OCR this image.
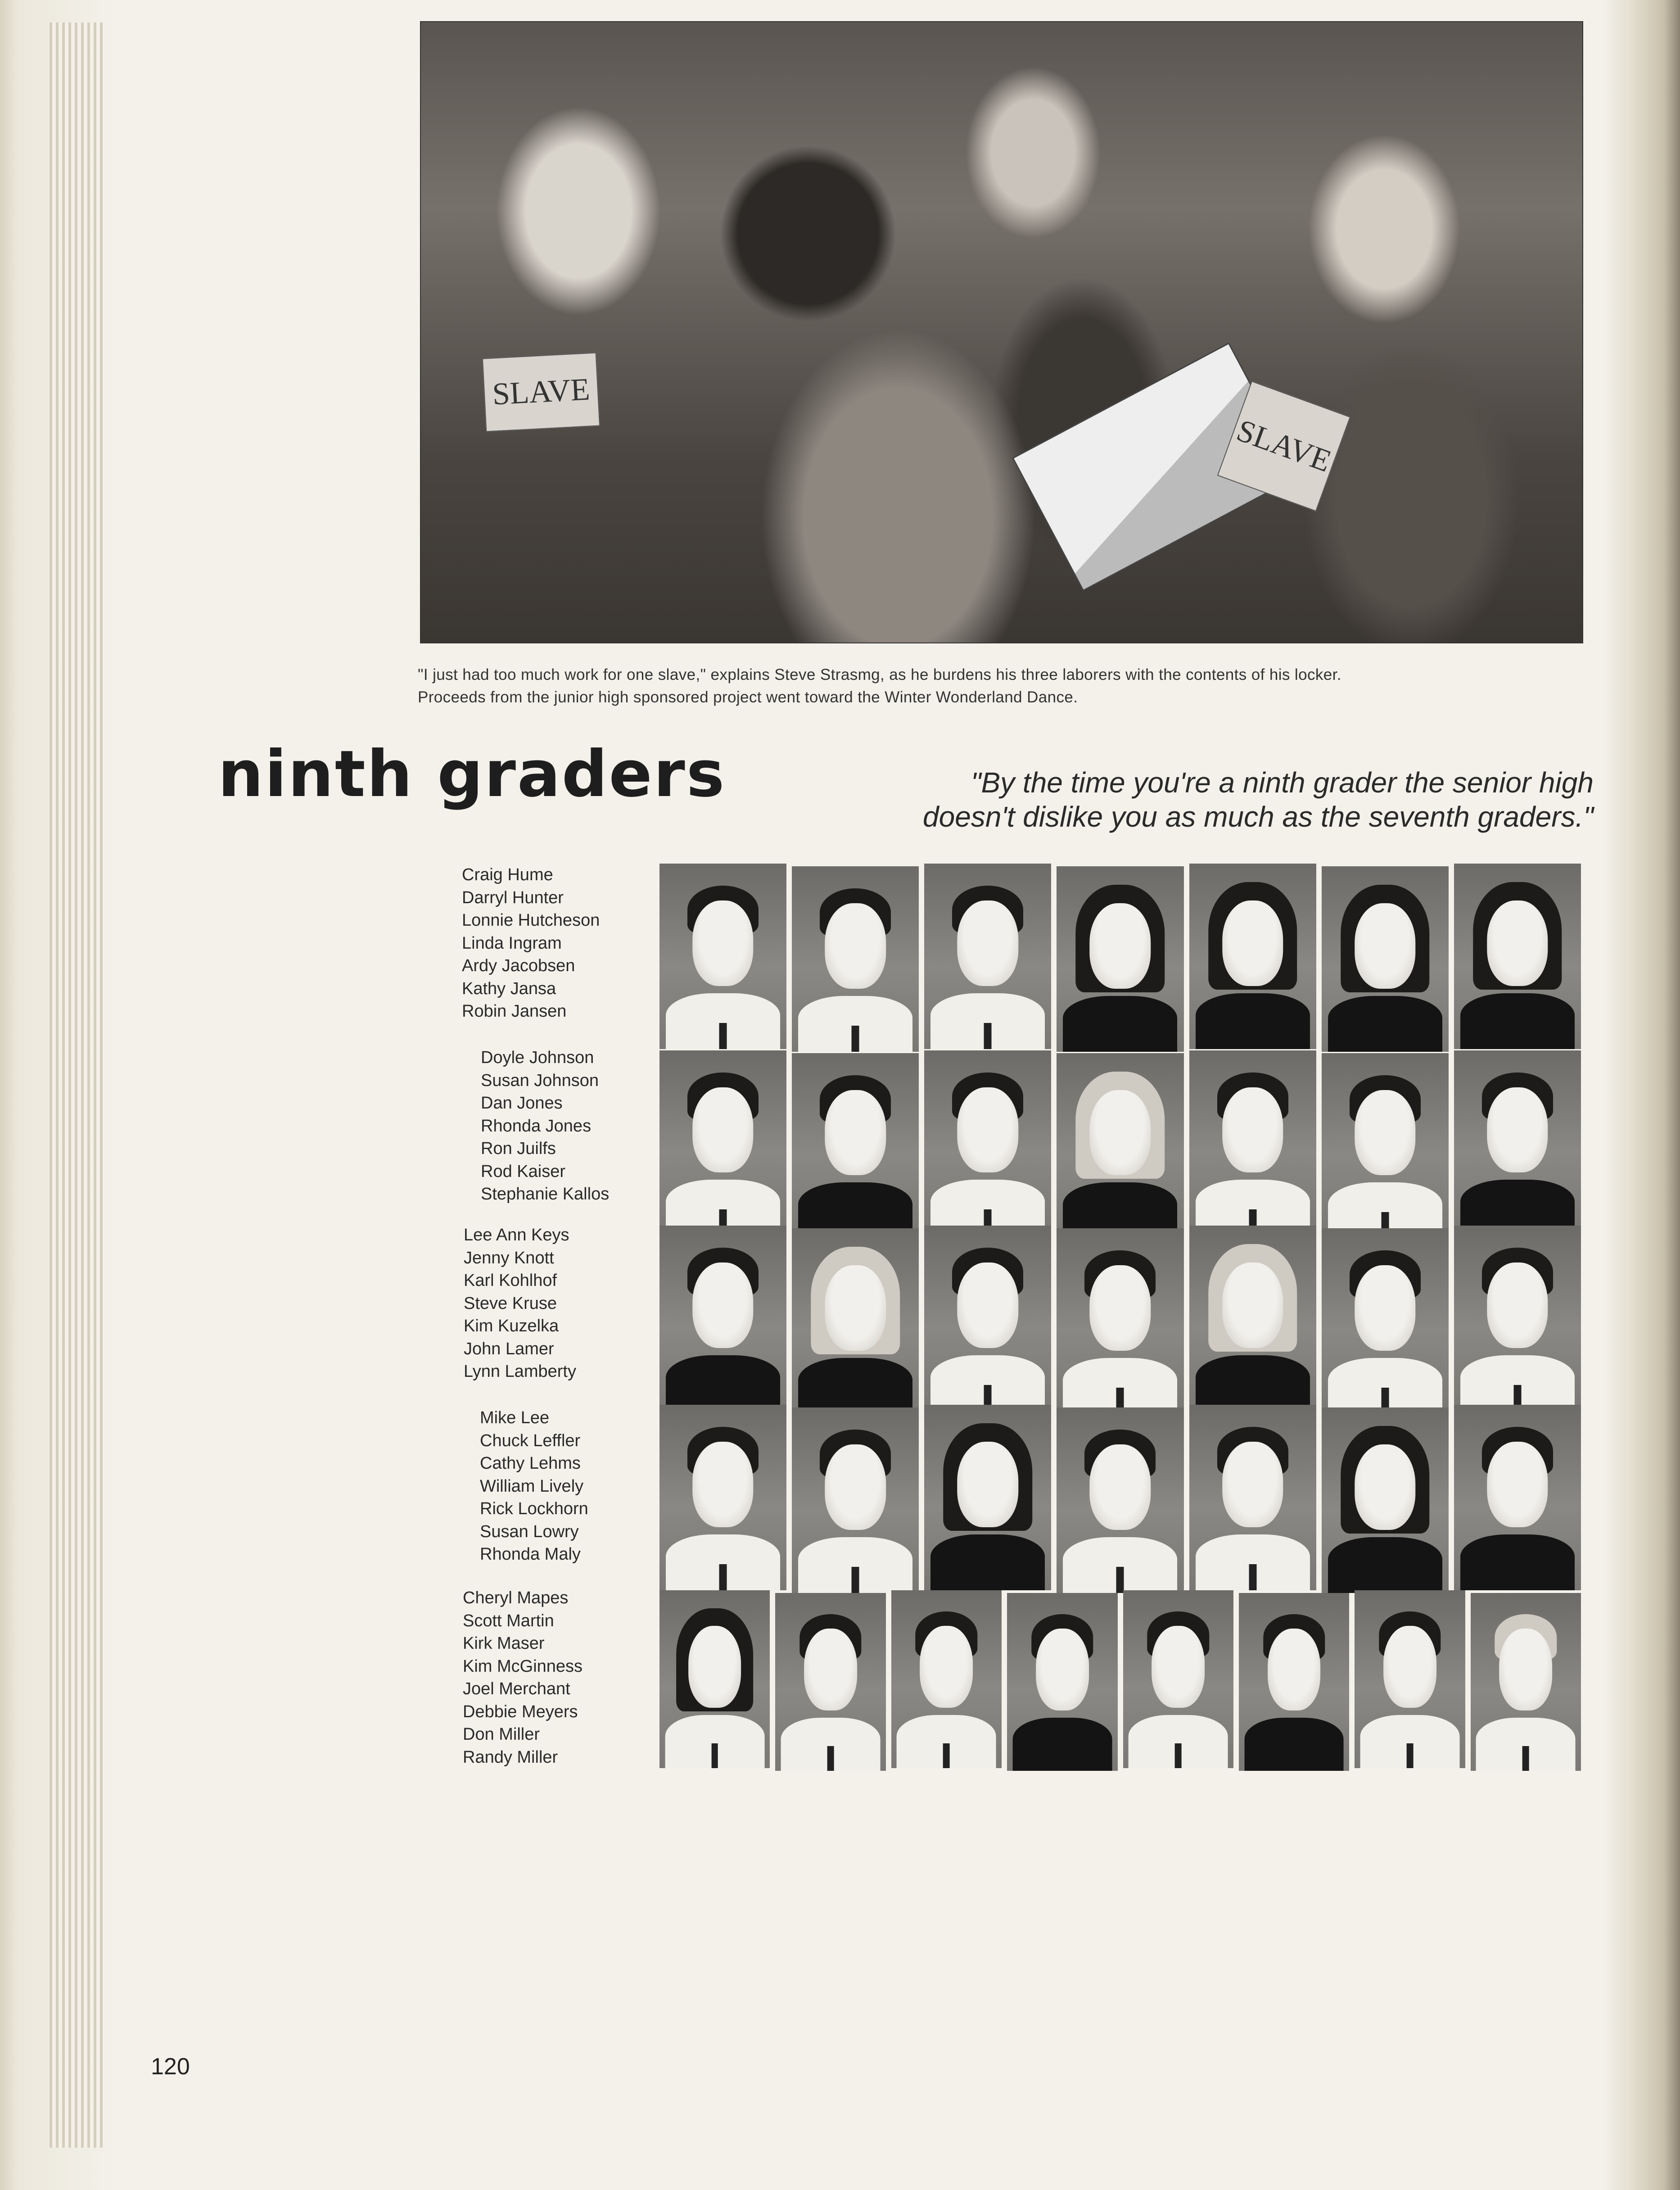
SLAVE
SLAVE
"I just had too much work for one slave," explains Steve Strasmg, as he burdens his three laborers with the contents of his locker.
Proceeds from the junior high sponsored project went toward the Winter Wonderland Dance.
ninth graders	"By the time you're a ninth grader the senior high
doesn't dislike you as much as the seventh graders."
Craig Hume
Darryl Hunter
Lonnie Hutcheson
Linda Ingram
Ardy Jacobsen
Kathy Jansa
Robin Jansen
Doyle Johnson
Susan Johnson
Dan Jones
Rhonda Jones
Ron Juilfs
Rod Kaiser
Stephanie Kallos
Lee Ann Keys
Jenny Knott
Karl Kohlhof
Steve Kruse
Kim Kuzelka
John Lamer
Lynn Lamberty
Mike Lee
Chuck Leffler
Cathy Lehms
William Lively
Rick Lockhorn
Susan Lowry
Rhonda Maly
Cheryl Mapes
Scott Martin
Kirk Maser
Kim McGinness
Joel Merchant
Debbie Meyers
Don Miller
Randy Miller
120
